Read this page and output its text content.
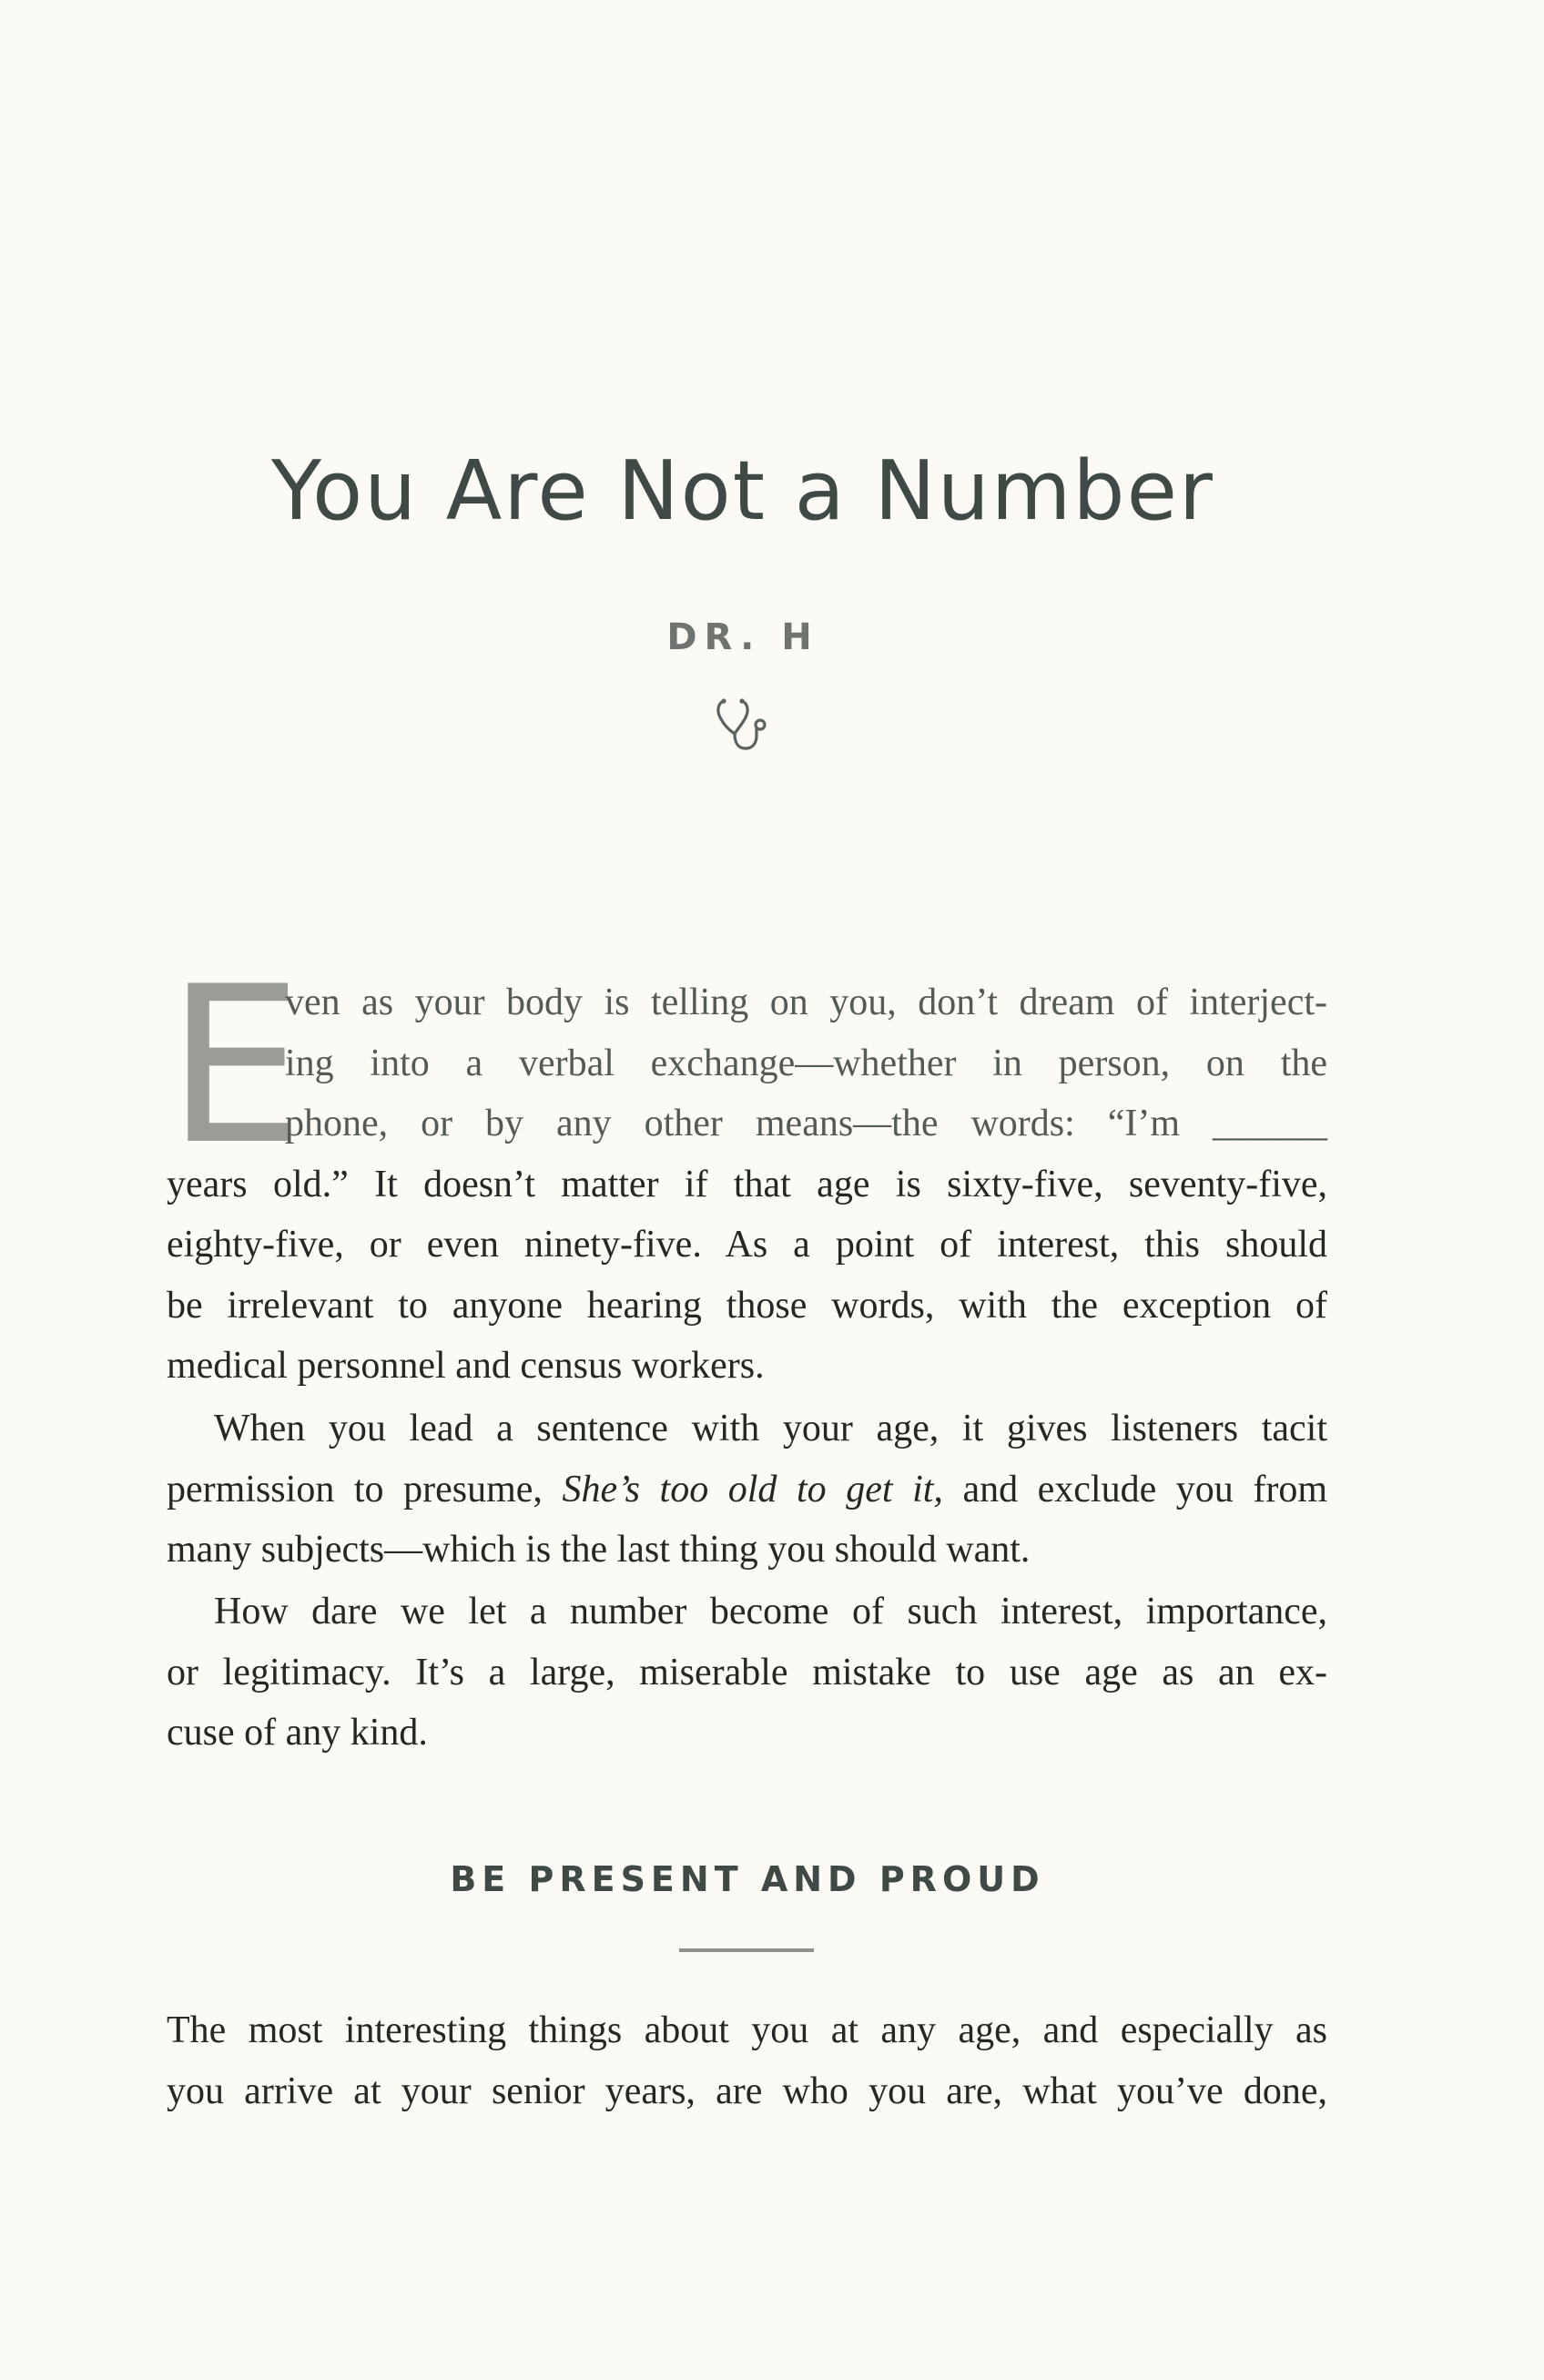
You Are Not a Number
DR. H
E
ven as your body is telling on you, don’t dream of interject-
ing into a verbal exchange—whether in person, on the
phone, or by any other means—the words: “I’m ______
years old.” It doesn’t matter if that age is sixty-five, seventy-five,
eighty-five, or even ninety-five. As a point of interest, this should
be irrelevant to anyone hearing those words, with the exception of
medical personnel and census workers.
When you lead a sentence with your age, it gives listeners tacit
permission to presume, She’s too old to get it, and exclude you from
many subjects—which is the last thing you should want.
How dare we let a number become of such interest, importance,
or legitimacy. It’s a large, miserable mistake to use age as an ex-
cuse of any kind.
BE PRESENT AND PROUD
The most interesting things about you at any age, and especially as
you arrive at your senior years, are who you are, what you’ve done,
